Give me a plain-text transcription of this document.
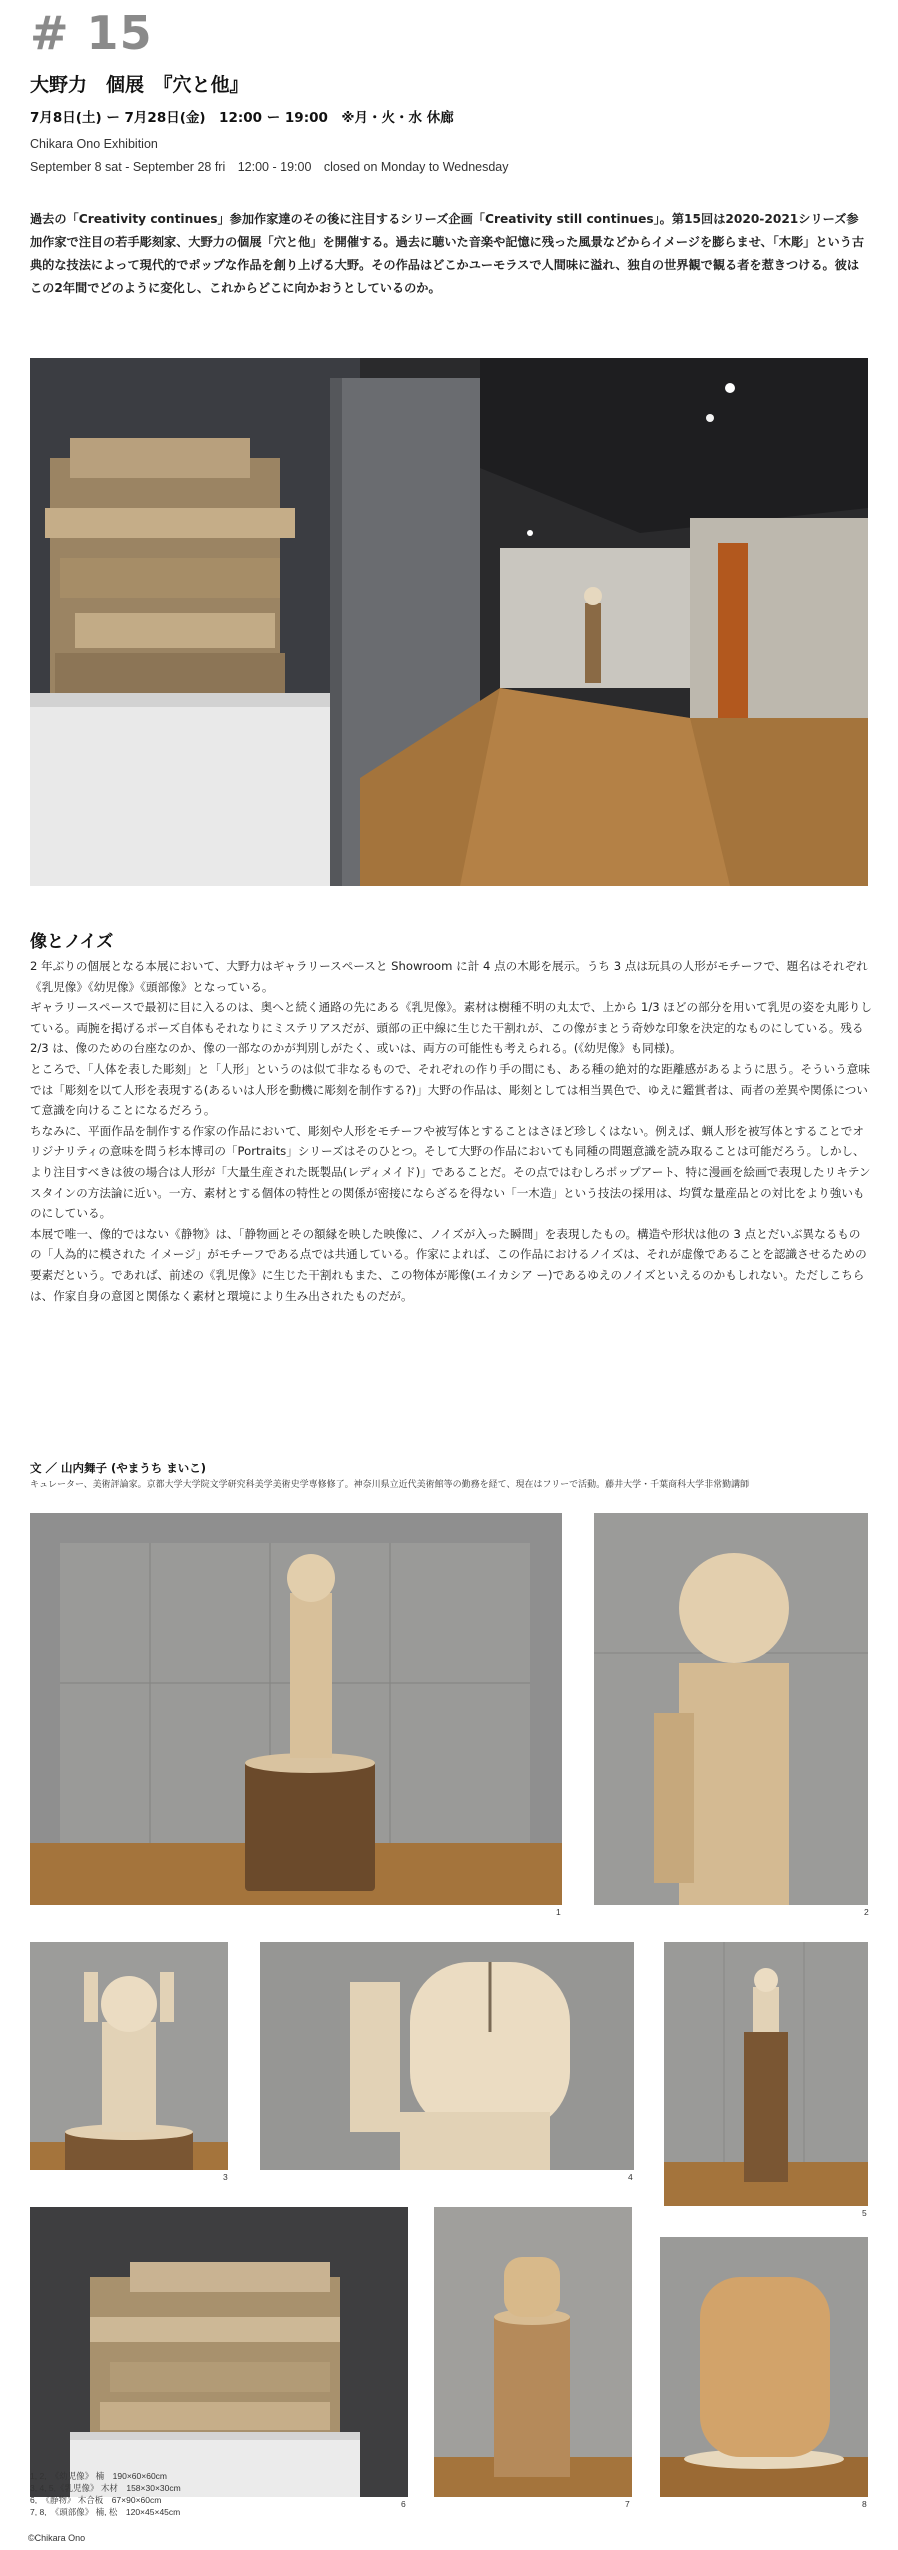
# 15
大野力　個展　『穴と他』
7月8日(土) ー 7月28日(金)　12:00 ー 19:00　※月・火・水 休廊
Chikara Ono Exhibition
September 8 sat - September 28 fri　12:00 - 19:00　closed on Monday to Wednesday
過去の「Creativity continues」参加作家達のその後に注目するシリーズ企画「Creativity still continues」。第15回は2020-2021シリーズ参加作家で注目の若手彫刻家、大野力の個展「穴と他」を開催する。過去に聴いた音楽や記憶に残った風景などからイメージを膨らませ、「木彫」という古典的な技法によって現代的でポップな作品を創り上げる大野。その作品はどこかユーモラスで人間味に溢れ、独自の世界観で観る者を惹きつける。彼はこの2年間でどのように変化し、これからどこに向かおうとしているのか。
像とノイズ

2 年ぶりの個展となる本展において、大野力はギャラリースペースと Showroom に計 4 点の木彫を展示。うち 3 点は玩具の人形がモチーフで、題名はそれぞれ《乳児像》《幼児像》《頭部像》となっている。

ギャラリースペースで最初に目に入るのは、奥へと続く通路の先にある《乳児像》。素材は樹種不明の丸太で、上から 1/3 ほどの部分を用いて乳児の姿を丸彫りしている。両腕を掲げるポーズ自体もそれなりにミステリアスだが、頭部の正中線に生じた干割れが、この像がまとう奇妙な印象を決定的なものにしている。残る 2/3 は、像のための台座なのか、像の一部なのかが判別しがたく、或いは、両方の可能性も考えられる。(《幼児像》も同様)。

ところで、「人体を表した彫刻」と「人形」というのは似て非なるもので、それぞれの作り手の間にも、ある種の絶対的な距離感があるように思う。そういう意味では「彫刻を以て人形を表現する(あるいは人形を動機に彫刻を制作する?)」大野の作品は、彫刻としては相当異色で、ゆえに鑑賞者は、両者の差異や関係について意識を向けることになるだろう。

ちなみに、平面作品を制作する作家の作品において、彫刻や人形をモチーフや被写体とすることはさほど珍しくはない。例えば、蝋人形を被写体とすることでオリジナリティの意味を問う杉本博司の「Portraits」シリーズはそのひとつ。そして大野の作品においても同種の問題意識を読み取ることは可能だろう。しかし、より注目すべきは彼の場合は人形が「大量生産された既製品(レディメイド)」であることだ。その点ではむしろポップアート、特に漫画を絵画で表現したリキテンスタインの方法論に近い。一方、素材とする個体の特性との関係が密接にならざるを得ない「一木造」という技法の採用は、均質な量産品との対比をより強いものにしている。

本展で唯一、像的ではない《静物》は、「静物画とその額縁を映した映像に、ノイズが入った瞬間」を表現したもの。構造や形状は他の 3 点とだいぶ異なるものの「人為的に模された イメージ」がモチーフである点では共通している。作家によれば、この作品におけるノイズは、それが虚像であることを認識させるための要素だという。であれば、前述の《乳児像》に生じた干割れもまた、この物体が彫像(エイカシア ー)であるゆえのノイズといえるのかもしれない。ただしこちらは、作家自身の意図と関係なく素材と環境により生み出されたものだが。

文 ／ 山内舞子 (やまうち まいこ)
キュレーター、美術評論家。京都大学大学院文学研究科美学美術史学専修修了。神奈川県立近代美術館等の勤務を経て、現在はフリーで活動。藤井大学・千葉商科大学非常勤講師
1	2
3	4
5
6	7	8
1, 2,　《幼児像》 楠　190×60×60cm
3, 4, 5,《乳児像》 木材　158×30×30cm
6,　《静物》 木合板　67×90×60cm
7, 8,　《頭部像》 楠, 松　120×45×45cm
©Chikara Ono
